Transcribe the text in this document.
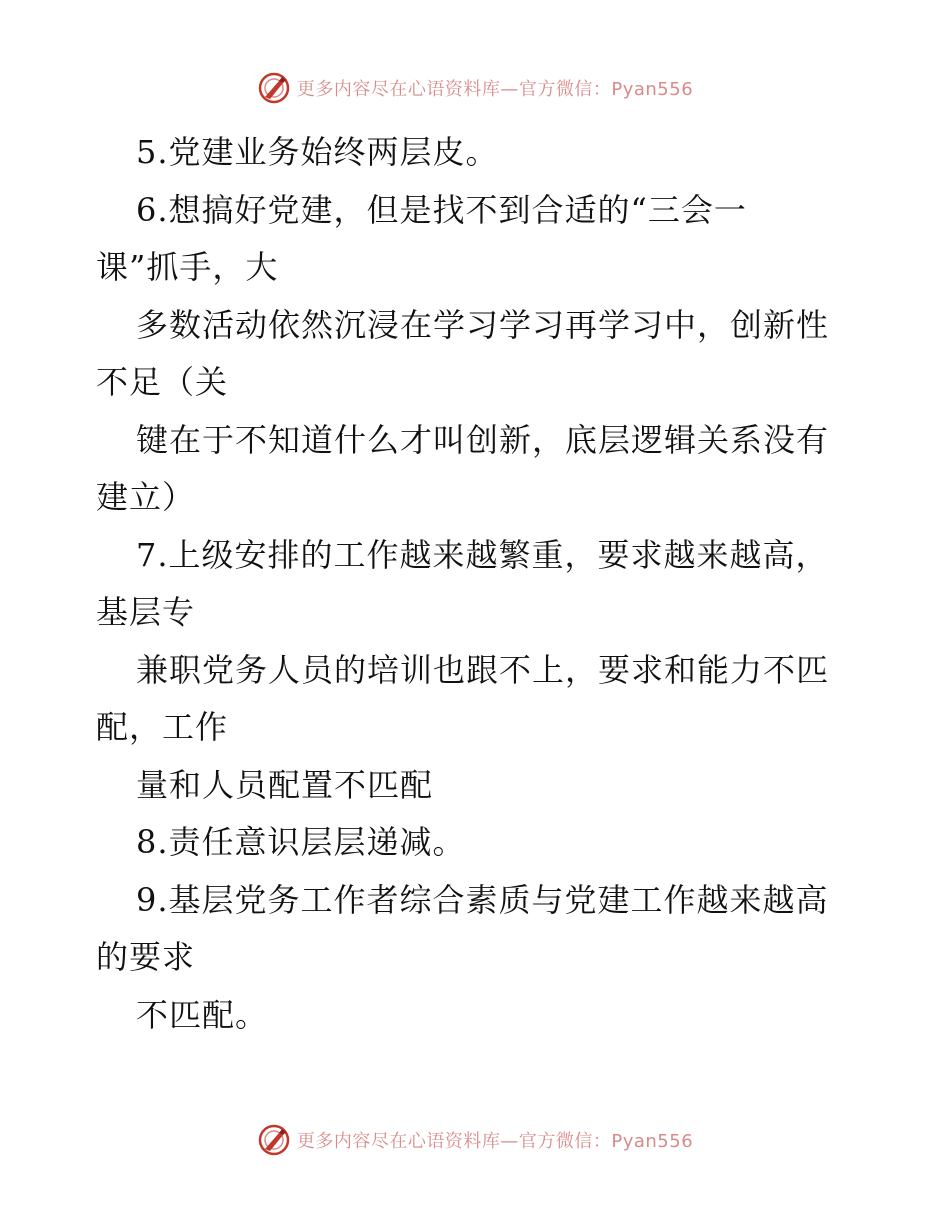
更多内容尽在心语资料库—官方微信：Pyan556
5.党建业务始终两层皮。
6.想搞好党建，但是找不到合适的“三会一
课”抓手，大
多数活动依然沉浸在学习学习再学习中，创新性
不足（关
键在于不知道什么才叫创新，底层逻辑关系没有
建立）
7.上级安排的工作越来越繁重，要求越来越高，
基层专
兼职党务人员的培训也跟不上，要求和能力不匹
配，工作
量和人员配置不匹配
8.责任意识层层递减。
9.基层党务工作者综合素质与党建工作越来越高
的要求
不匹配。
更多内容尽在心语资料库—官方微信：Pyan556
